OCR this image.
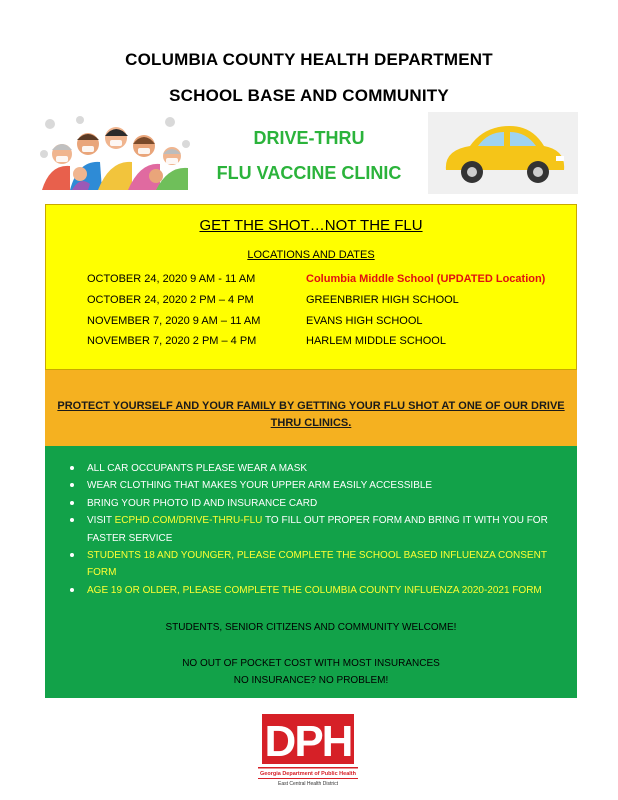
COLUMBIA COUNTY HEALTH DEPARTMENT
SCHOOL BASE AND COMMUNITY
DRIVE-THRU
FLU VACCINE CLINIC
GET THE SHOT…NOT THE FLU
LOCATIONS AND DATES
OCTOBER 24, 2020 9 AM - 11 AM	Columbia Middle School (UPDATED Location)
OCTOBER 24, 2020 2 PM – 4 PM	GREENBRIER HIGH SCHOOL
NOVEMBER 7, 2020 9 AM – 11 AM	EVANS HIGH SCHOOL
NOVEMBER 7, 2020 2 PM – 4 PM	HARLEM MIDDLE SCHOOL
PROTECT YOURSELF AND YOUR FAMILY BY GETTING YOUR FLU SHOT AT ONE OF OUR DRIVE THRU CLINICS.
ALL CAR OCCUPANTS PLEASE WEAR A MASK
WEAR CLOTHING THAT MAKES YOUR UPPER ARM EASILY ACCESSIBLE
BRING YOUR PHOTO ID AND INSURANCE CARD
VISIT ECPHD.COM/DRIVE-THRU-FLU TO FILL OUT PROPER FORM AND BRING IT WITH YOU FOR FASTER SERVICE
STUDENTS 18 AND YOUNGER, PLEASE COMPLETE THE SCHOOL BASED INFLUENZA CONSENT FORM
AGE 19 OR OLDER, PLEASE COMPLETE THE COLUMBIA COUNTY INFLUENZA 2020-2021 FORM
STUDENTS, SENIOR CITIZENS AND COMMUNITY WELCOME!
NO OUT OF POCKET COST WITH MOST INSURANCES
NO INSURANCE? NO PROBLEM!
DPH
Georgia Department of Public Health
East Central Health District
